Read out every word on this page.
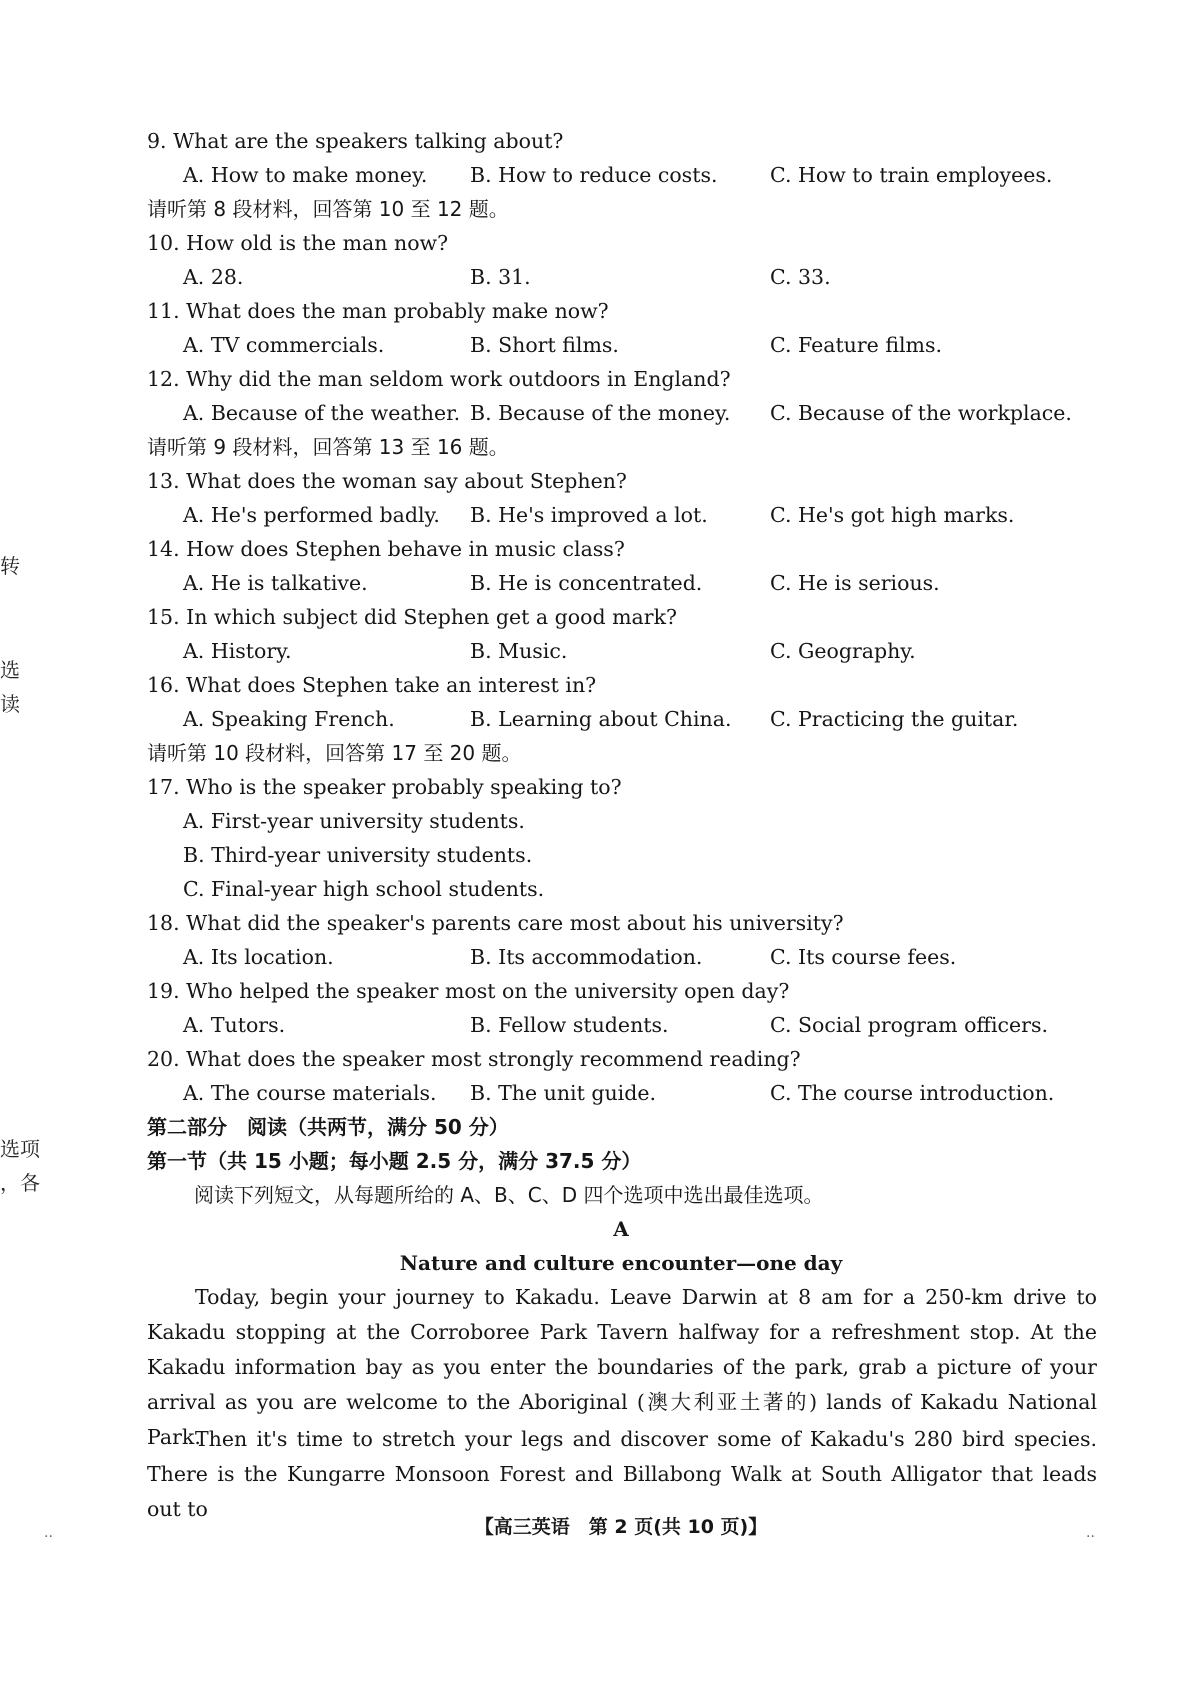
转
选
读
选项
，各
9. What are the speakers talking about?
A. How to make money. B. How to reduce costs.	C. How to train employees.
请听第 8 段材料，回答第 10 至 12 题。
10. How old is the man now?
A. 28.	B. 31.	C. 33.
11. What does the man probably make now?
A. TV commercials.	B. Short films.	C. Feature films.
12. Why did the man seldom work outdoors in England?
A. Because of the weather. B. Because of the money. C. Because of the workplace.
请听第 9 段材料，回答第 13 至 16 题。
13. What does the woman say about Stephen?
A. He's performed badly. B. He's improved a lot.	C. He's got high marks.
14. How does Stephen behave in music class?
A. He is talkative.	B. He is concentrated.	C. He is serious.
15. In which subject did Stephen get a good mark?
A. History.	B. Music.	C. Geography.
16. What does Stephen take an interest in?
A. Speaking French.	B. Learning about China. C. Practicing the guitar.
请听第 10 段材料，回答第 17 至 20 题。
17. Who is the speaker probably speaking to?
A. First-year university students.
B. Third-year university students.
C. Final-year high school students.
18. What did the speaker's parents care most about his university?
A. Its location.	B. Its accommodation.	C. Its course fees.
19. Who helped the speaker most on the university open day?
A. Tutors.	B. Fellow students.	C. Social program officers.
20. What does the speaker most strongly recommend reading?
A. The course materials. B. The unit guide.	C. The course introduction.
第二部分　阅读（共两节，满分 50 分）
第一节（共 15 小题；每小题 2.5 分，满分 37.5 分）
阅读下列短文，从每题所给的 A、B、C、D 四个选项中选出最佳选项。
A
Nature and culture encounter—one day

Today, begin your journey to Kakadu. Leave Darwin at 8 am for a 250-km drive to Kakadu stopping at the Corroboree Park Tavern halfway for a refreshment stop. At the Kakadu information bay as you enter the boundaries of the park, grab a picture of your arrival as you are welcome to the Aboriginal (澳大利亚土著的) lands of Kakadu National Park.

Then it's time to stretch your legs and discover some of Kakadu's 280 bird species. There is the Kungarre Monsoon Forest and Billabong Walk at South Alligator that leads out to

..	【高三英语　第 2 页(共 10 页)】	..
